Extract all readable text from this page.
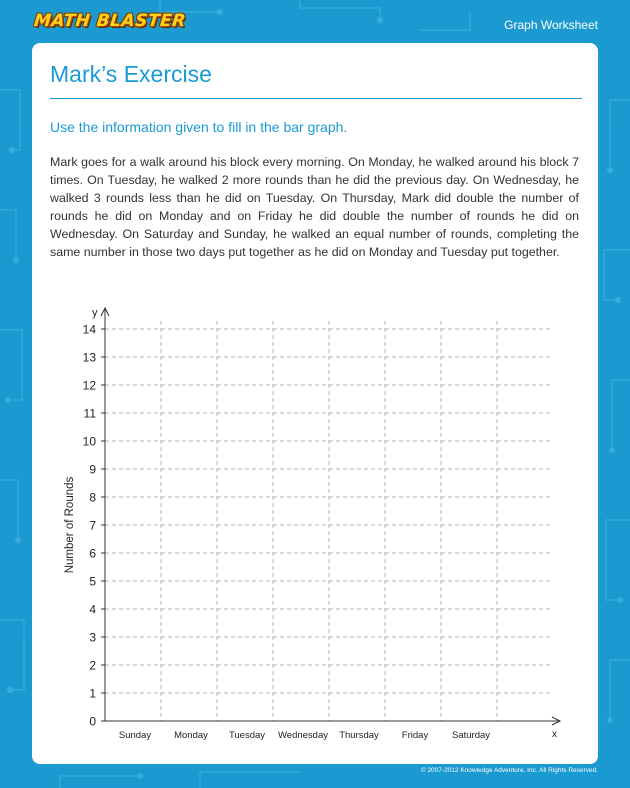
MATH BLASTER	Graph Worksheet
Mark’s Exercise
Use the information given to fill in the bar graph.

Mark goes for a walk around his block every morning. On Monday, he walked around his block 7 times. On Tuesday, he walked 2 more rounds than he did the previous day. On Wednesday, he walked 3 rounds less than he did on Tuesday. On Thursday, Mark did double the number of rounds he did on Monday and on Friday he did double the number of rounds he did on Wednesday. On Saturday and Sunday, he walked an equal number of rounds, completing the same number in those two days put together as he did on Monday and Tuesday put together.

0
1
2
3
4
5
6
7
8
9
10
11
12
13
14
Sunday Monday Tuesday Wednesday Thursday Friday	Saturday
y
x
Number of Rounds
© 2007-2012 Knowledge Adventure, Inc. All Rights Reserved.
